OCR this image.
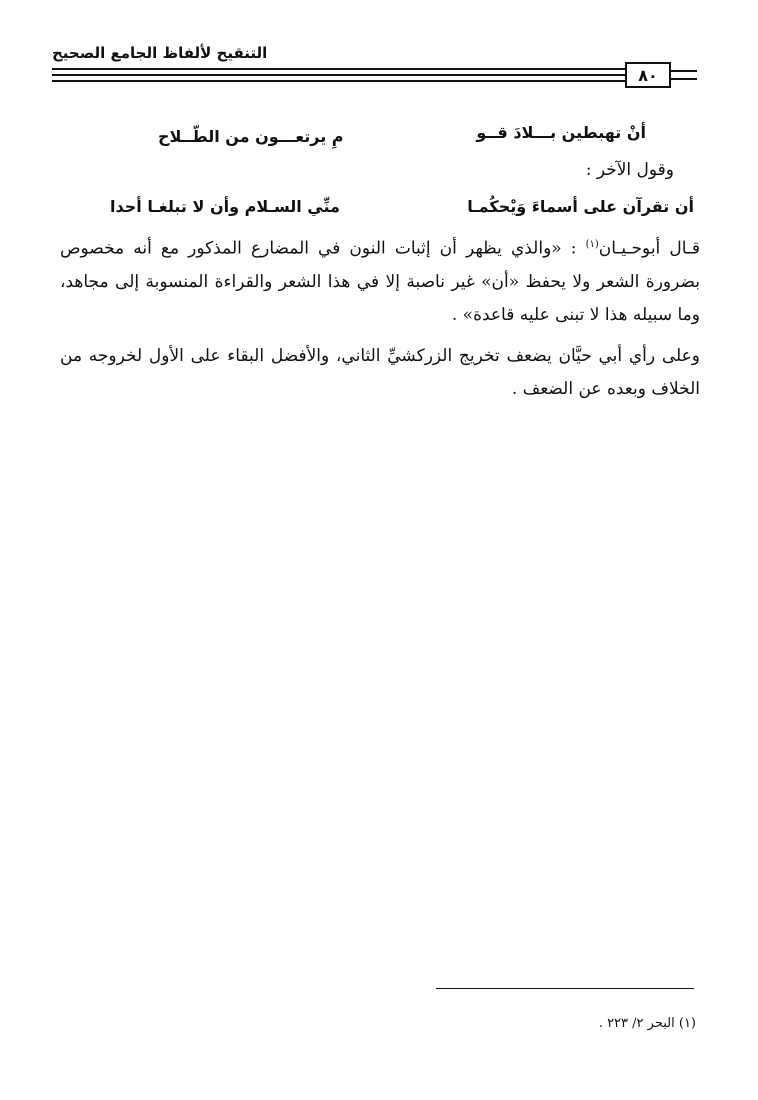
التنقيح لألفاظ الجامع الصحيح
٨٠
أنْ تهبطين بـــلادَ قــو
مِ يرتعـــون من الطّــلاح
وقول الآخر :
أن تقرآن على أسماءَ وَيْحكُمـا
منِّي السـلام وأن لا تبلغـا أحدا
قـال أبوحـيـان$^{(١)}$ : «والذي يظهر أن إثبات النون في المضارع المذكور مع أنه مخصوص بضرورة الشعر ولا يحفظ «أن» غير ناصبة إلا في هذا الشعر والقراءة المنسوبة إلى مجاهد، وما سبيله هذا لا تبنى عليه قاعدة» .
وعلى رأي أبي حيَّان يضعف تخريج الزركشيِّ الثاني، والأفضل البقاء على الأول لخروجه من الخلاف وبعده عن الضعف .
(١) البحر ٢/ ٢٢٣ .
